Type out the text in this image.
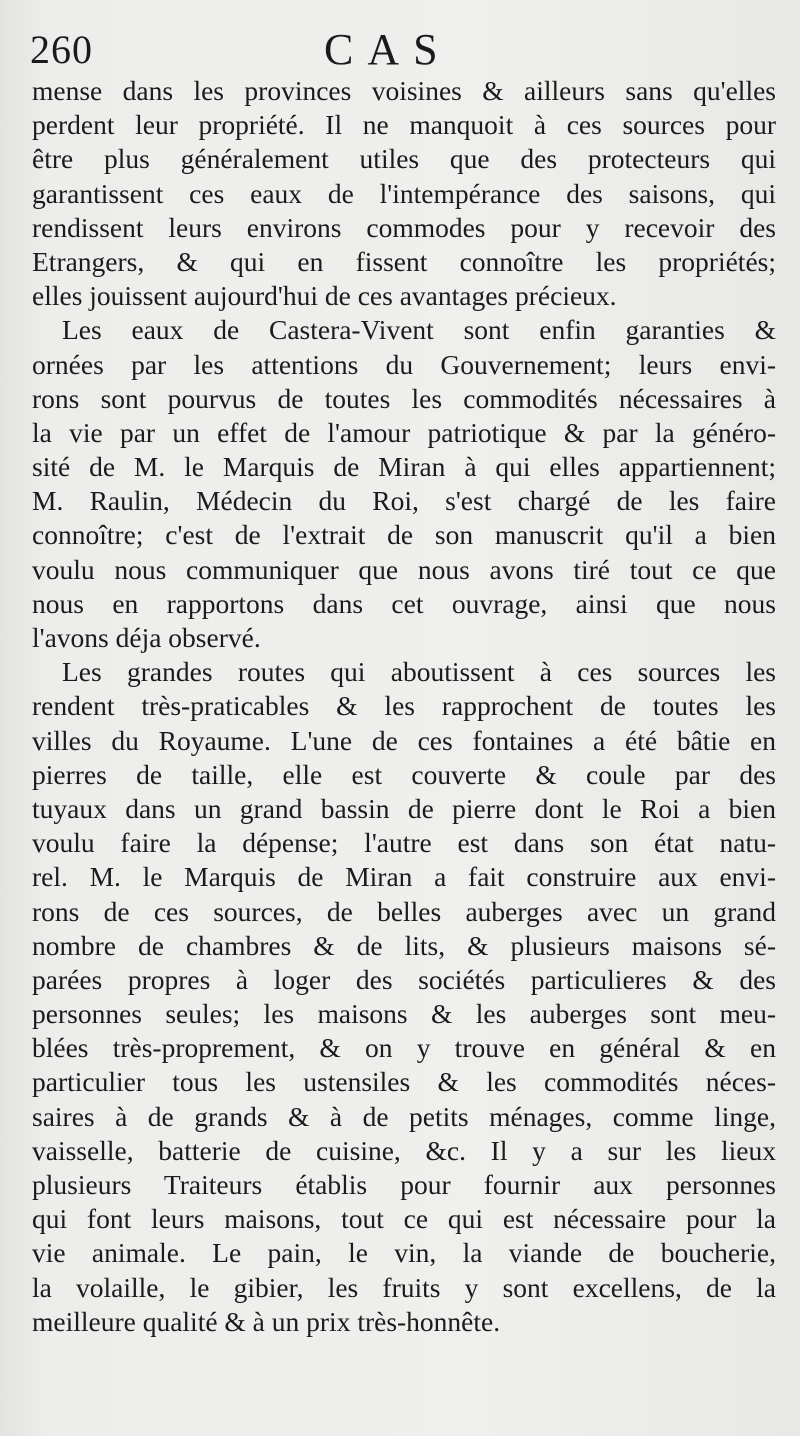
260	CAS
mense dans les provinces voisines & ailleurs sans qu'elles
perdent leur propriété. Il ne manquoit à ces sources pour
être plus généralement utiles que des protecteurs qui
garantissent ces eaux de l'intempérance des saisons, qui
rendissent leurs environs commodes pour y recevoir des
Etrangers, & qui en fissent connoître les propriétés;
elles jouissent aujourd'hui de ces avantages précieux.
Les eaux de Castera-Vivent sont enfin garanties &
ornées par les attentions du Gouvernement; leurs envi-
rons sont pourvus de toutes les commodités nécessaires à
la vie par un effet de l'amour patriotique & par la généro-
sité de M. le Marquis de Miran à qui elles appartiennent;
M. Raulin, Médecin du Roi, s'est chargé de les faire
connoître; c'est de l'extrait de son manuscrit qu'il a bien
voulu nous communiquer que nous avons tiré tout ce que
nous en rapportons dans cet ouvrage, ainsi que nous
l'avons déja observé.
Les grandes routes qui aboutissent à ces sources les
rendent très-praticables & les rapprochent de toutes les
villes du Royaume. L'une de ces fontaines a été bâtie en
pierres de taille, elle est couverte & coule par des
tuyaux dans un grand bassin de pierre dont le Roi a bien
voulu faire la dépense; l'autre est dans son état natu-
rel. M. le Marquis de Miran a fait construire aux envi-
rons de ces sources, de belles auberges avec un grand
nombre de chambres & de lits, & plusieurs maisons sé-
parées propres à loger des sociétés particulieres & des
personnes seules; les maisons & les auberges sont meu-
blées très-proprement, & on y trouve en général & en
particulier tous les ustensiles & les commodités néces-
saires à de grands & à de petits ménages, comme linge,
vaisselle, batterie de cuisine, &c. Il y a sur les lieux
plusieurs Traiteurs établis pour fournir aux personnes
qui font leurs maisons, tout ce qui est nécessaire pour la
vie animale. Le pain, le vin, la viande de boucherie,
la volaille, le gibier, les fruits y sont excellens, de la
meilleure qualité & à un prix très-honnête.
